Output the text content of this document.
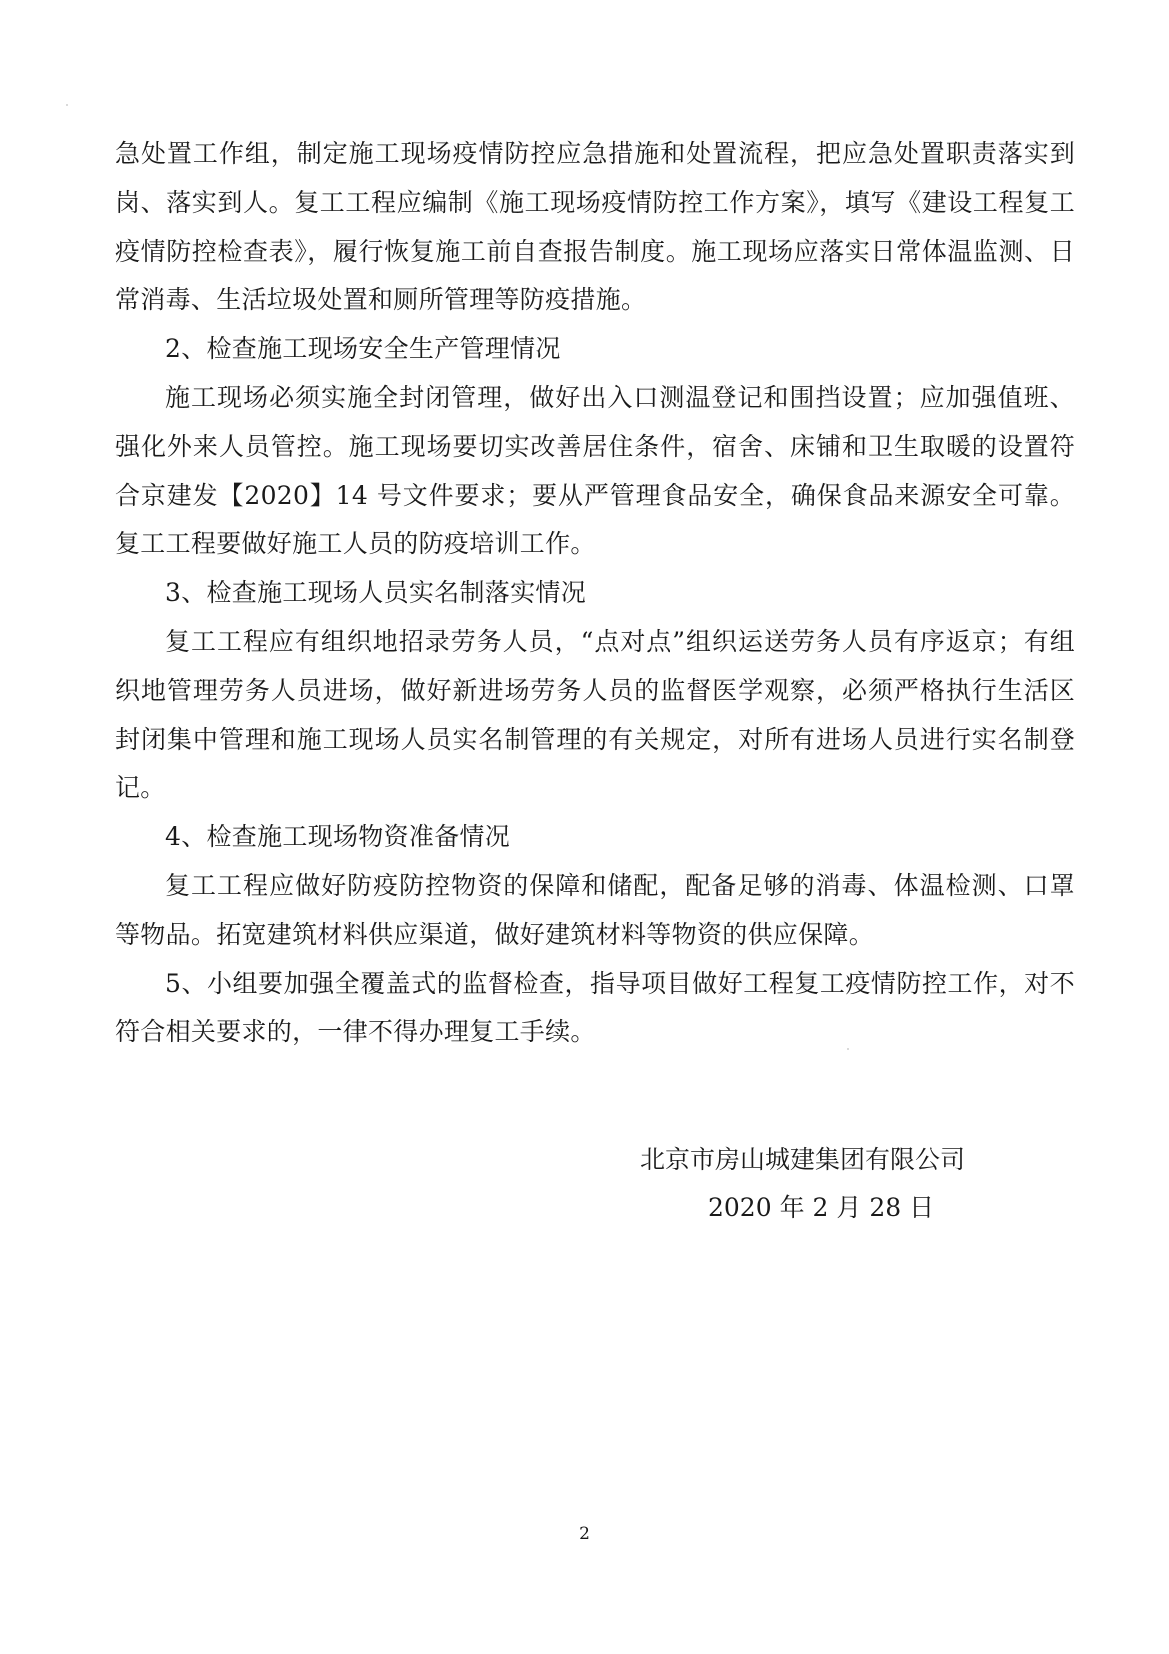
急处置工作组，制定施工现场疫情防控应急措施和处置流程，把应急处置职责落实到岗、落实到人。复工工程应编制《施工现场疫情防控工作方案》，填写《建设工程复工疫情防控检查表》，履行恢复施工前自查报告制度。施工现场应落实日常体温监测、日常消毒、生活垃圾处置和厕所管理等防疫措施。

2、检查施工现场安全生产管理情况

施工现场必须实施全封闭管理，做好出入口测温登记和围挡设置；应加强值班、强化外来人员管控。施工现场要切实改善居住条件，宿舍、床铺和卫生取暖的设置符合京建发【2020】14 号文件要求；要从严管理食品安全，确保食品来源安全可靠。复工工程要做好施工人员的防疫培训工作。

3、检查施工现场人员实名制落实情况

复工工程应有组织地招录劳务人员，“点对点”组织运送劳务人员有序返京；有组织地管理劳务人员进场，做好新进场劳务人员的监督医学观察，必须严格执行生活区封闭集中管理和施工现场人员实名制管理的有关规定，对所有进场人员进行实名制登记。

4、检查施工现场物资准备情况

复工工程应做好防疫防控物资的保障和储配，配备足够的消毒、体温检测、口罩等物品。拓宽建筑材料供应渠道，做好建筑材料等物资的供应保障。

5、小组要加强全覆盖式的监督检查，指导项目做好工程复工疫情防控工作，对不符合相关要求的，一律不得办理复工手续。

北京市房山城建集团有限公司
2020 年 2 月 28 日
2
